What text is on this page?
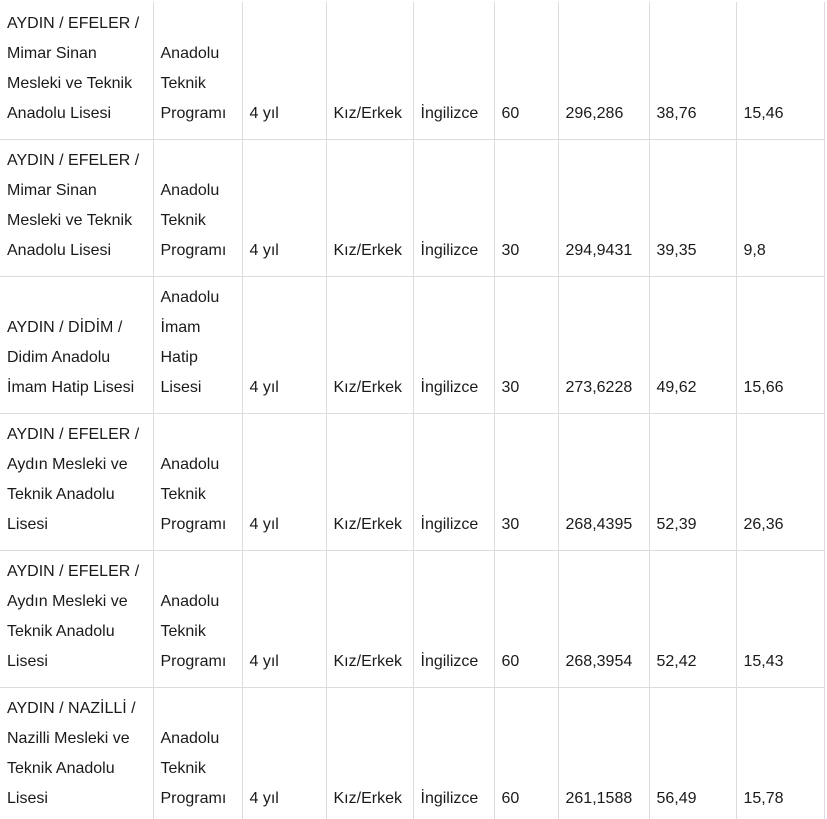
AYDIN / EFELER /
Mimar Sinan
Mesleki ve Teknik
Anadolu Lisesi	Anadolu
Teknik
Programı	4 yıl	Kız/Erkek	İngilizce	60	296,286	38,76	15,46

AYDIN / EFELER /
Mimar Sinan
Mesleki ve Teknik
Anadolu Lisesi	Anadolu
Teknik
Programı	4 yıl	Kız/Erkek	İngilizce	30	294,9431	39,35	9,8

AYDIN / DİDİM /
Didim Anadolu
İmam Hatip Lisesi	Anadolu
İmam
Hatip
Lisesi	4 yıl	Kız/Erkek	İngilizce	30	273,6228	49,62	15,66

AYDIN / EFELER /
Aydın Mesleki ve
Teknik Anadolu
Lisesi	Anadolu
Teknik
Programı	4 yıl	Kız/Erkek	İngilizce	30	268,4395	52,39	26,36

AYDIN / EFELER /
Aydın Mesleki ve
Teknik Anadolu
Lisesi	Anadolu
Teknik
Programı	4 yıl	Kız/Erkek	İngilizce	60	268,3954	52,42	15,43

AYDIN / NAZİLLİ /
Nazilli Mesleki ve
Teknik Anadolu
Lisesi	Anadolu
Teknik
Programı	4 yıl	Kız/Erkek	İngilizce	60	261,1588	56,49	15,78
